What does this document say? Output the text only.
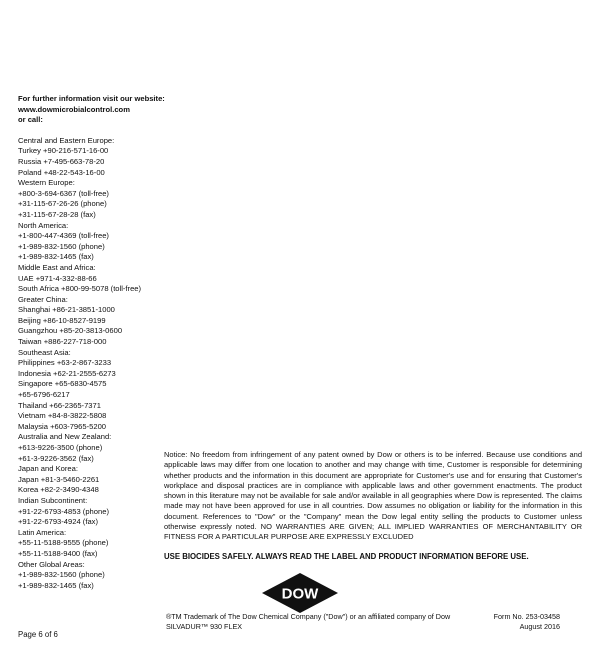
For further information visit our website:
www.dowmicrobialcontrol.com
or call:
Central and Eastern Europe:
Turkey +90-216-571-16-00
Russia +7-495-663-78-20
Poland +48-22-543-16-00
Western Europe:
+800-3-694-6367 (toll-free)
+31-115-67-26-26 (phone)
+31-115-67-28-28 (fax)
North America:
+1-800-447-4369 (toll-free)
+1-989-832-1560 (phone)
+1-989-832-1465 (fax)
Middle East and Africa:
UAE +971-4-332-88-66
South Africa +800-99-5078 (toll-free)
Greater China:
Shanghai +86-21-3851-1000
Beijing +86-10-8527-9199
Guangzhou +85-20-3813-0600
Taiwan +886-227-718-000
Southeast Asia:
Philippines +63-2-867-3233
Indonesia +62-21-2555-6273
Singapore +65-6830-4575
+65-6796-6217
Thailand +66-2365-7371
Vietnam +84-8-3822-5808
Malaysia +603-7965-5200
Australia and New Zealand:
+613-9226-3500 (phone)
+61-3-9226-3562 (fax)
Japan and Korea:
Japan +81-3-5460-2261
Korea +82-2-3490-4348
Indian Subcontinent:
+91-22-6793-4853 (phone)
+91-22-6793-4924 (fax)
Latin America:
+55-11-5188-9555 (phone)
+55-11-5188-9400 (fax)
Other Global Areas:
+1-989-832-1560 (phone)
+1-989-832-1465 (fax)
Notice: No freedom from infringement of any patent owned by Dow or others is to be inferred. Because use conditions and applicable laws may differ from one location to another and may change with time, Customer is responsible for determining whether products and the information in this document are appropriate for Customer's use and for ensuring that Customer's workplace and disposal practices are in compliance with applicable laws and other government enactments. The product shown in this literature may not be available for sale and/or available in all geographies where Dow is represented. The claims made may not have been approved for use in all countries. Dow assumes no obligation or liability for the information in this document. References to "Dow" or the "Company" mean the Dow legal entity selling the products to Customer unless otherwise expressly noted. NO WARRANTIES ARE GIVEN; ALL IMPLIED WARRANTIES OF MERCHANTABILITY OR FITNESS FOR A PARTICULAR PURPOSE ARE EXPRESSLY EXCLUDED
USE BIOCIDES SAFELY. ALWAYS READ THE LABEL AND PRODUCT INFORMATION BEFORE USE.
DOW
®TM Trademark of The Dow Chemical Company ("Dow") or an affiliated company of Dow
SILVADUR™ 930 FLEX
Form No. 253-03458
August 2016
Page 6 of 6
